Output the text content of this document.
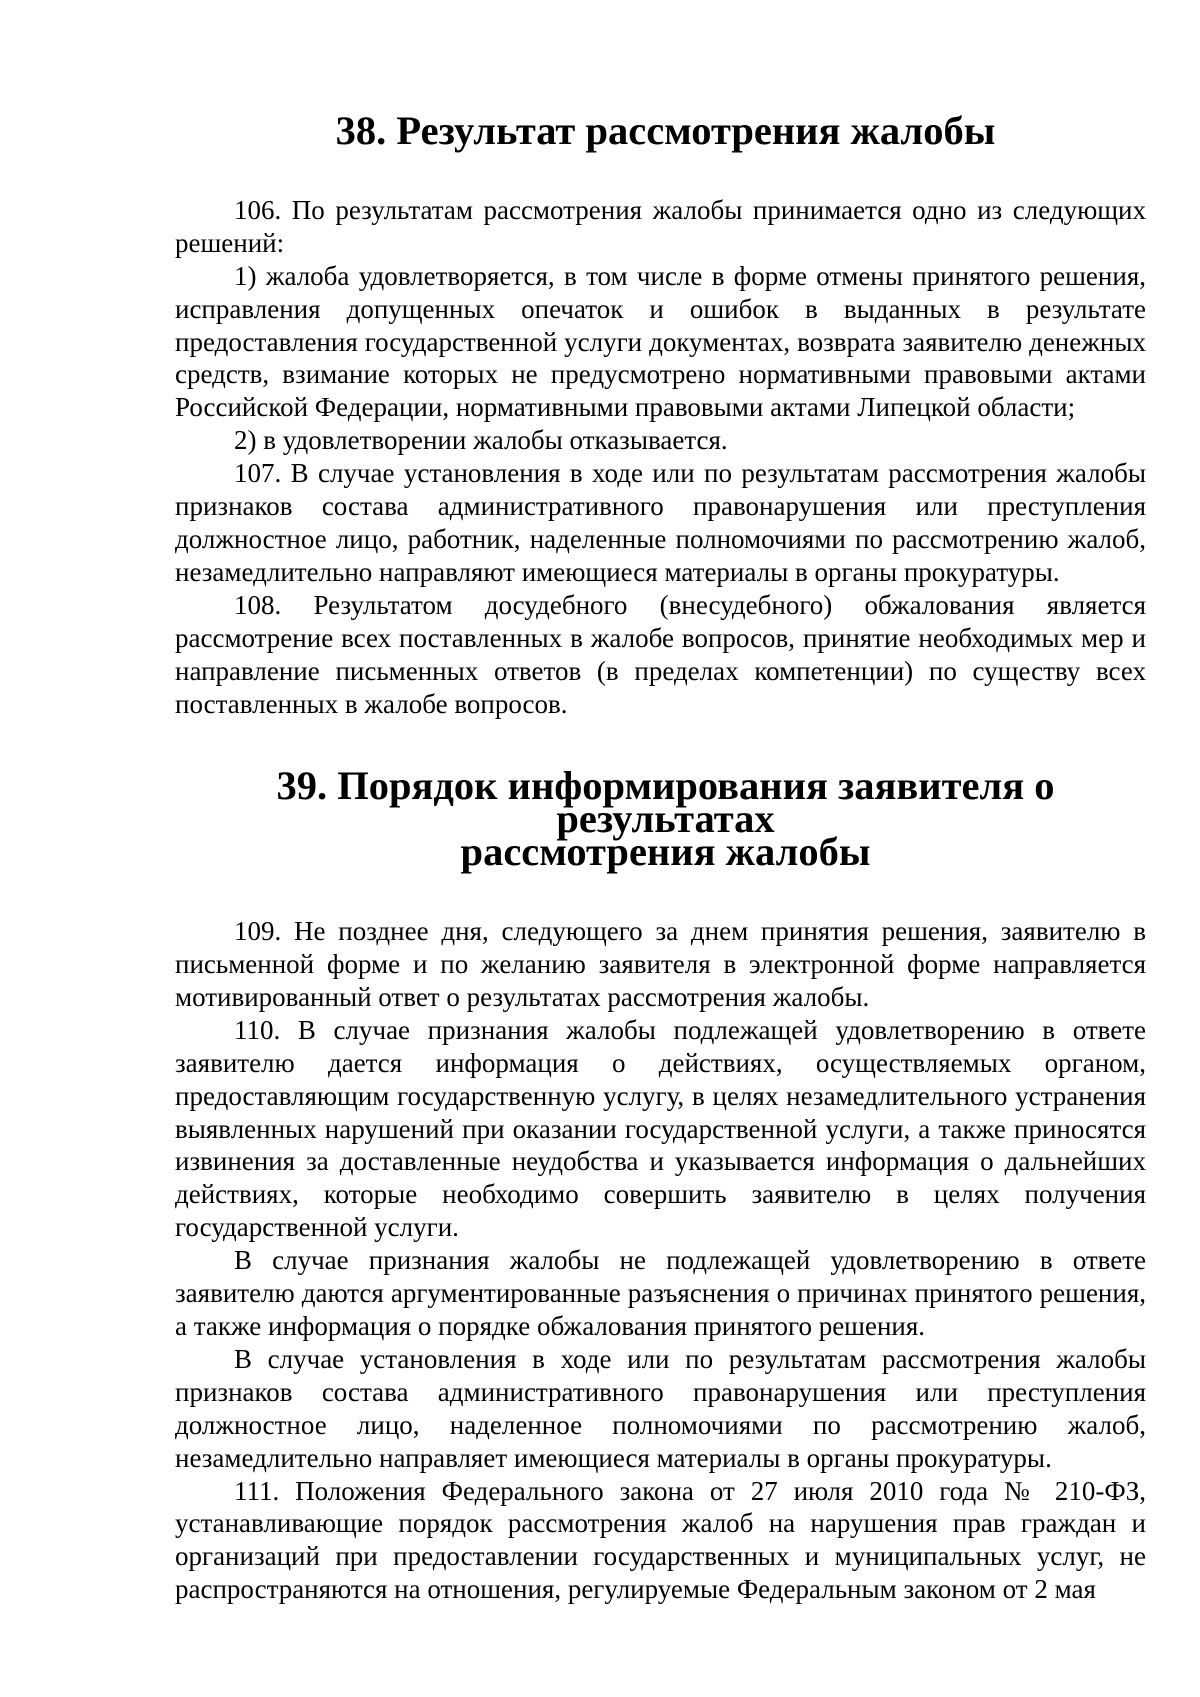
38. Результат рассмотрения жалобы

106. По результатам рассмотрения жалобы принимается одно из следующих решений:

1) жалоба удовлетворяется, в том числе в форме отмены принятого решения, исправления допущенных опечаток и ошибок в выданных в результате предоставления государственной услуги документах, возврата заявителю денежных средств, взимание которых не предусмотрено нормативными правовыми актами Российской Федерации, нормативными правовыми актами Липецкой области;

2) в удовлетворении жалобы отказывается.

107. В случае установления в ходе или по результатам рассмотрения жалобы признаков состава административного правонарушения или преступления должностное лицо, работник, наделенные полномочиями по рассмотрению жалоб, незамедлительно направляют имеющиеся материалы в органы прокуратуры.

108. Результатом досудебного (внесудебного) обжалования является рассмотрение всех поставленных в жалобе вопросов, принятие необходимых мер и направление письменных ответов (в пределах компетенции) по существу всех поставленных в жалобе вопросов.

39. Порядок информирования заявителя о результатах
рассмотрения жалобы

109. Не позднее дня, следующего за днем принятия решения, заявителю в письменной форме и по желанию заявителя в электронной форме направляется мотивированный ответ о результатах рассмотрения жалобы.

110. В случае признания жалобы подлежащей удовлетворению в ответе заявителю дается информация о действиях, осуществляемых органом, предоставляющим государственную услугу, в целях незамедлительного устранения выявленных нарушений при оказании государственной услуги, а также приносятся извинения за доставленные неудобства и указывается информация о дальнейших действиях, которые необходимо совершить заявителю в целях получения государственной услуги.

В случае признания жалобы не подлежащей удовлетворению в ответе заявителю даются аргументированные разъяснения о причинах принятого решения, а также информация о порядке обжалования принятого решения.

В случае установления в ходе или по результатам рассмотрения жалобы признаков состава административного правонарушения или преступления должностное лицо, наделенное полномочиями по рассмотрению жалоб, незамедлительно направляет имеющиеся материалы в органы прокуратуры.

111. Положения Федерального закона от 27 июля 2010 года № 210-ФЗ, устанавливающие порядок рассмотрения жалоб на нарушения прав граждан и организаций при предоставлении государственных и муниципальных услуг, не распространяются на отношения, регулируемые Федеральным законом от 2 мая
